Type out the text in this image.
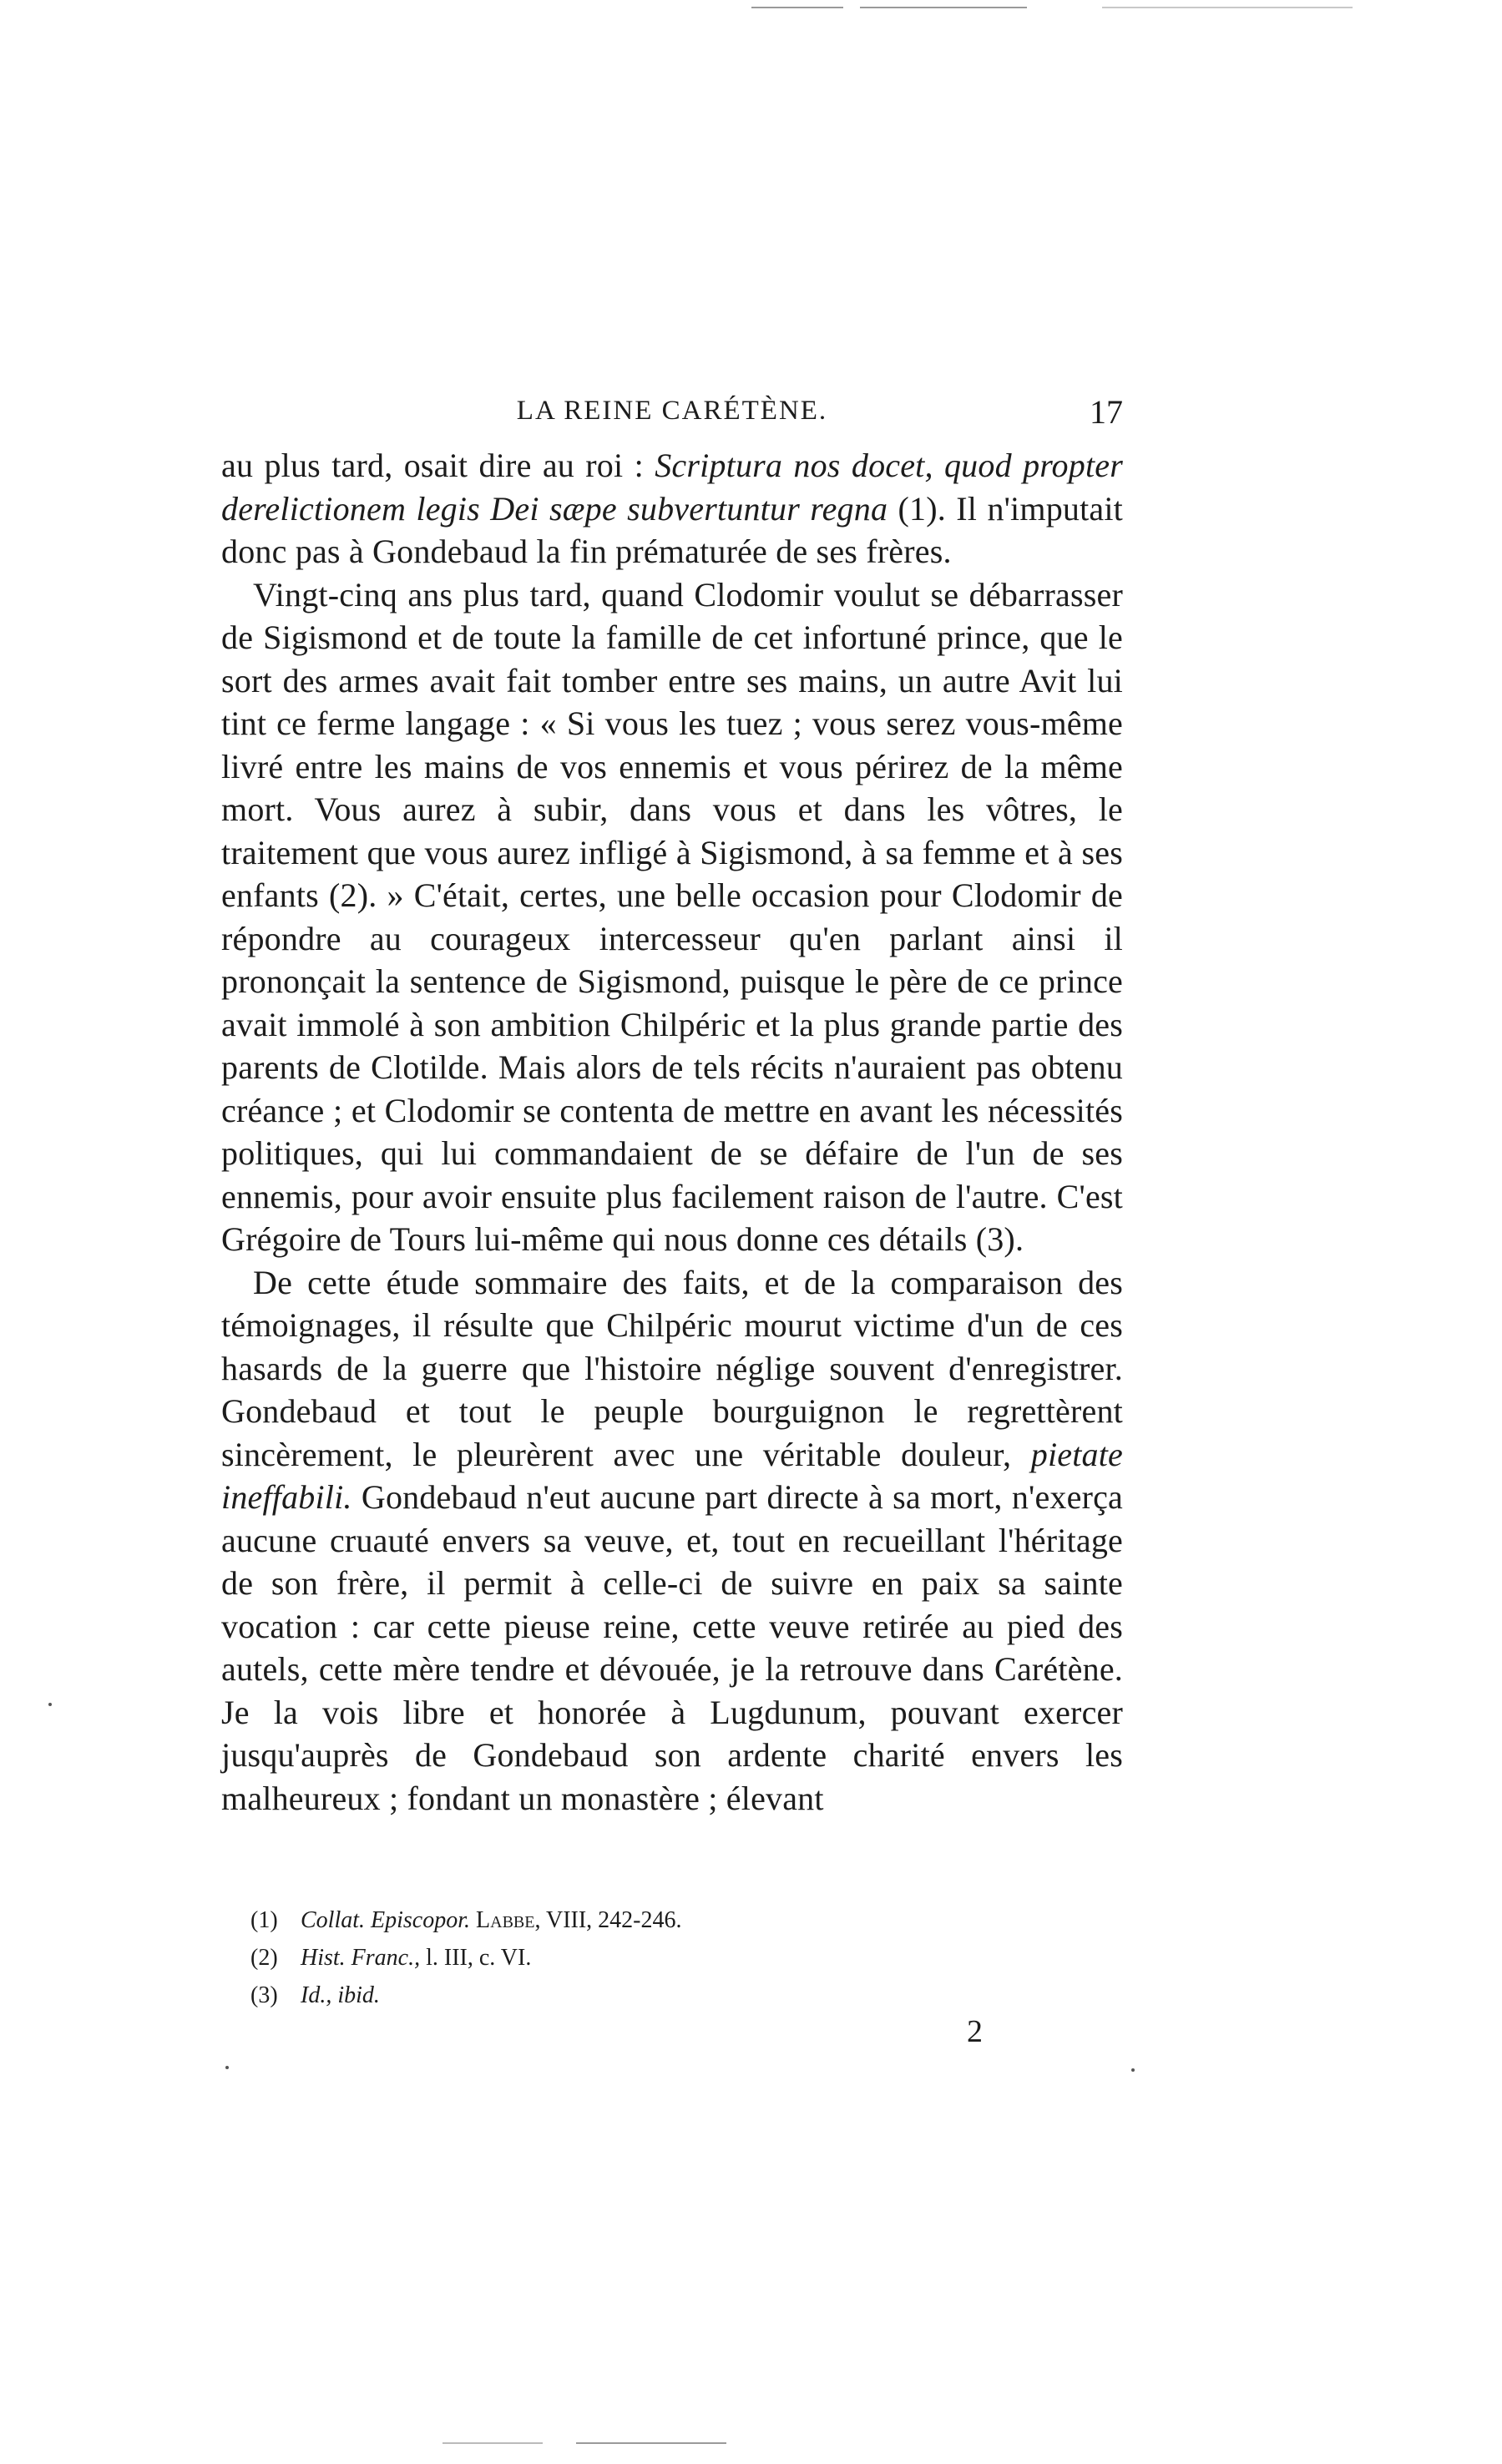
LA REINE CARÉTÈNE.	17

au plus tard, osait dire au roi : Scriptura nos docet, quod propter derelictionem legis Dei sæpe subvertuntur regna (1). Il n'imputait donc pas à Gondebaud la fin prématurée de ses frères.

Vingt-cinq ans plus tard, quand Clodomir voulut se débarrasser de Sigismond et de toute la famille de cet infortuné prince, que le sort des armes avait fait tomber entre ses mains, un autre Avit lui tint ce ferme langage : « Si vous les tuez ; vous serez vous-même livré entre les mains de vos ennemis et vous périrez de la même mort. Vous aurez à subir, dans vous et dans les vôtres, le traitement que vous aurez infligé à Sigismond, à sa femme et à ses enfants (2). » C'était, certes, une belle occasion pour Clodomir de répondre au courageux intercesseur qu'en parlant ainsi il prononçait la sentence de Sigismond, puisque le père de ce prince avait immolé à son ambition Chilpéric et la plus grande partie des parents de Clotilde. Mais alors de tels récits n'auraient pas obtenu créance ; et Clodomir se contenta de mettre en avant les nécessités politiques, qui lui commandaient de se défaire de l'un de ses ennemis, pour avoir ensuite plus facilement raison de l'autre. C'est Grégoire de Tours lui-même qui nous donne ces détails (3).

De cette étude sommaire des faits, et de la comparaison des témoignages, il résulte que Chilpéric mourut victime d'un de ces hasards de la guerre que l'histoire néglige souvent d'enregistrer. Gondebaud et tout le peuple bourguignon le regrettèrent sincèrement, le pleurèrent avec une véritable douleur, pietate ineffabili. Gondebaud n'eut aucune part directe à sa mort, n'exerça aucune cruauté envers sa veuve, et, tout en recueillant l'héritage de son frère, il permit à celle-ci de suivre en paix sa sainte vocation : car cette pieuse reine, cette veuve retirée au pied des autels, cette mère tendre et dévouée, je la retrouve dans Carétène. Je la vois libre et honorée à Lugdunum, pouvant exercer jusqu'auprès de Gondebaud son ardente charité envers les malheureux ; fondant un monastère ; élevant

(1) Collat. Episcopor. Labbe, VIII, 242-246.
(2) Hist. Franc., l. III, c. VI.
(3) Id., ibid.
2
